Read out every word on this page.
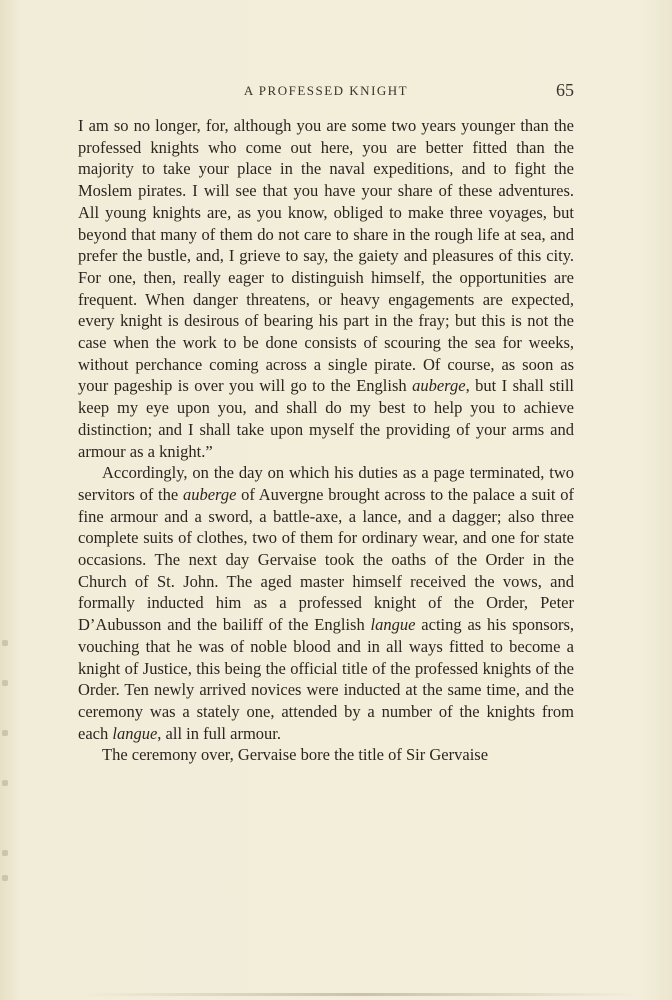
A PROFESSED KNIGHT	65

I am so no longer, for, although you are some two years younger than the professed knights who come out here, you are better fitted than the majority to take your place in the naval expeditions, and to fight the Moslem pirates. I will see that you have your share of these adventures. All young knights are, as you know, obliged to make three voyages, but beyond that many of them do not care to share in the rough life at sea, and prefer the bustle, and, I grieve to say, the gaiety and pleasures of this city. For one, then, really eager to distinguish himself, the opportunities are frequent. When danger threatens, or heavy engagements are expected, every knight is desirous of bearing his part in the fray; but this is not the case when the work to be done consists of scouring the sea for weeks, without perchance coming across a single pirate. Of course, as soon as your pageship is over you will go to the English auberge, but I shall still keep my eye upon you, and shall do my best to help you to achieve distinction; and I shall take upon myself the providing of your arms and armour as a knight.”

Accordingly, on the day on which his duties as a page terminated, two servitors of the auberge of Auvergne brought across to the palace a suit of fine armour and a sword, a battle-axe, a lance, and a dagger; also three complete suits of clothes, two of them for ordinary wear, and one for state occasions. The next day Gervaise took the oaths of the Order in the Church of St. John. The aged master himself received the vows, and formally inducted him as a professed knight of the Order, Peter D’Aubusson and the bailiff of the English langue acting as his sponsors, vouching that he was of noble blood and in all ways fitted to become a knight of Justice, this being the official title of the professed knights of the Order. Ten newly arrived novices were inducted at the same time, and the ceremony was a stately one, attended by a number of the knights from each langue, all in full armour.

The ceremony over, Gervaise bore the title of Sir Gervaise
